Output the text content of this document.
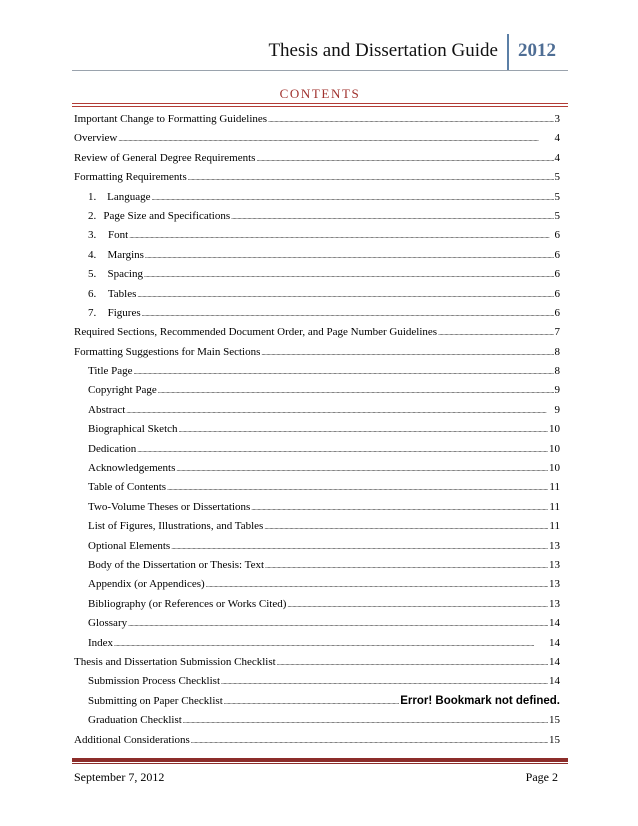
Thesis and Dissertation Guide 2012
CONTENTS
Important Change to Formatting Guidelines .....	3
Overview .....	4
Review of General Degree Requirements .....	4
Formatting Requirements .....	5
1. Language .....	5
2. Page Size and Specifications .....	5
3.	Font .....	6
4.	Margins .....	6
5.	Spacing .....	6
6.	Tables .....	6
7.	Figures .....	6
Required Sections, Recommended Document Order, and Page Number Guidelines .....	7
Formatting Suggestions for Main Sections .....	8
Title Page .....	8
Copyright Page .....	9
Abstract .....	9
Biographical Sketch .....	10
Dedication .....	10
Acknowledgements .....	10
Table of Contents .....	11
Two-Volume Theses or Dissertations .....	11
List of Figures, Illustrations, and Tables .....	11
Optional Elements .....	13
Body of the Dissertation or Thesis: Text .....	13
Appendix (or Appendices) .....	13
Bibliography (or References or Works Cited) .....	13
Glossary .....	14
Index .....	14
Thesis and Dissertation Submission Checklist .....	14
Submission Process Checklist .....	14
Submitting on Paper Checklist .....	Error! Bookmark not defined.
Graduation Checklist .....	15
Additional Considerations .....	15
September 7, 2012	Page 2
